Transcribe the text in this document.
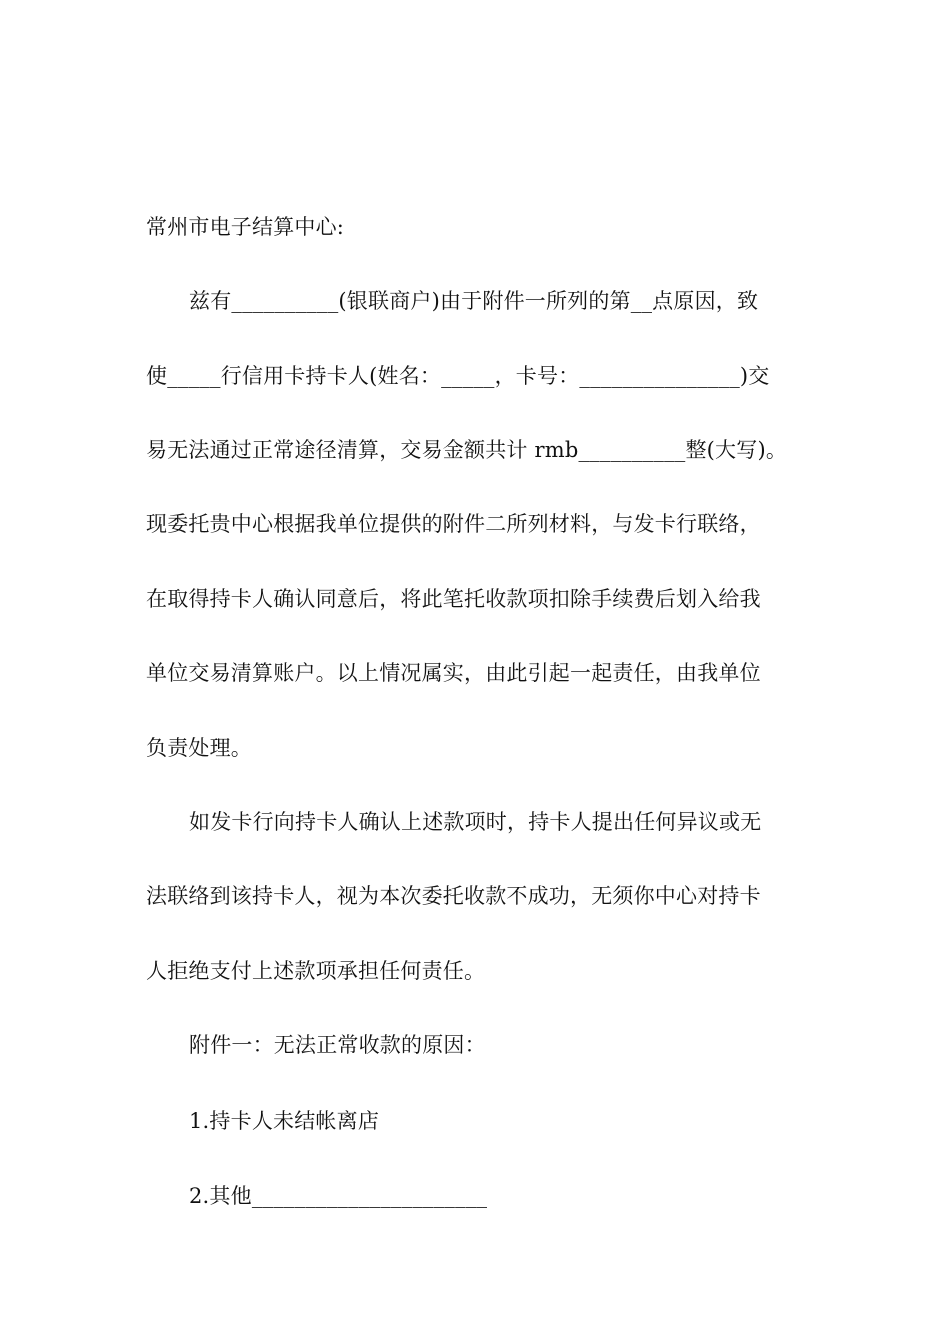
常州市电子结算中心:
兹有__________(银联商户)由于附件一所列的第__点原因，致
使_____行信用卡持卡人(姓名：_____，卡号：_______________)交
易无法通过正常途径清算，交易金额共计 rmb__________整(大写)。
现委托贵中心根据我单位提供的附件二所列材料，与发卡行联络，
在取得持卡人确认同意后，将此笔托收款项扣除手续费后划入给我
单位交易清算账户。以上情况属实，由此引起一起责任，由我单位
负责处理。
如发卡行向持卡人确认上述款项时，持卡人提出任何异议或无
法联络到该持卡人，视为本次委托收款不成功，无须你中心对持卡
人拒绝支付上述款项承担任何责任。
附件一：无法正常收款的原因：
1.持卡人未结帐离店
2.其他______________________
